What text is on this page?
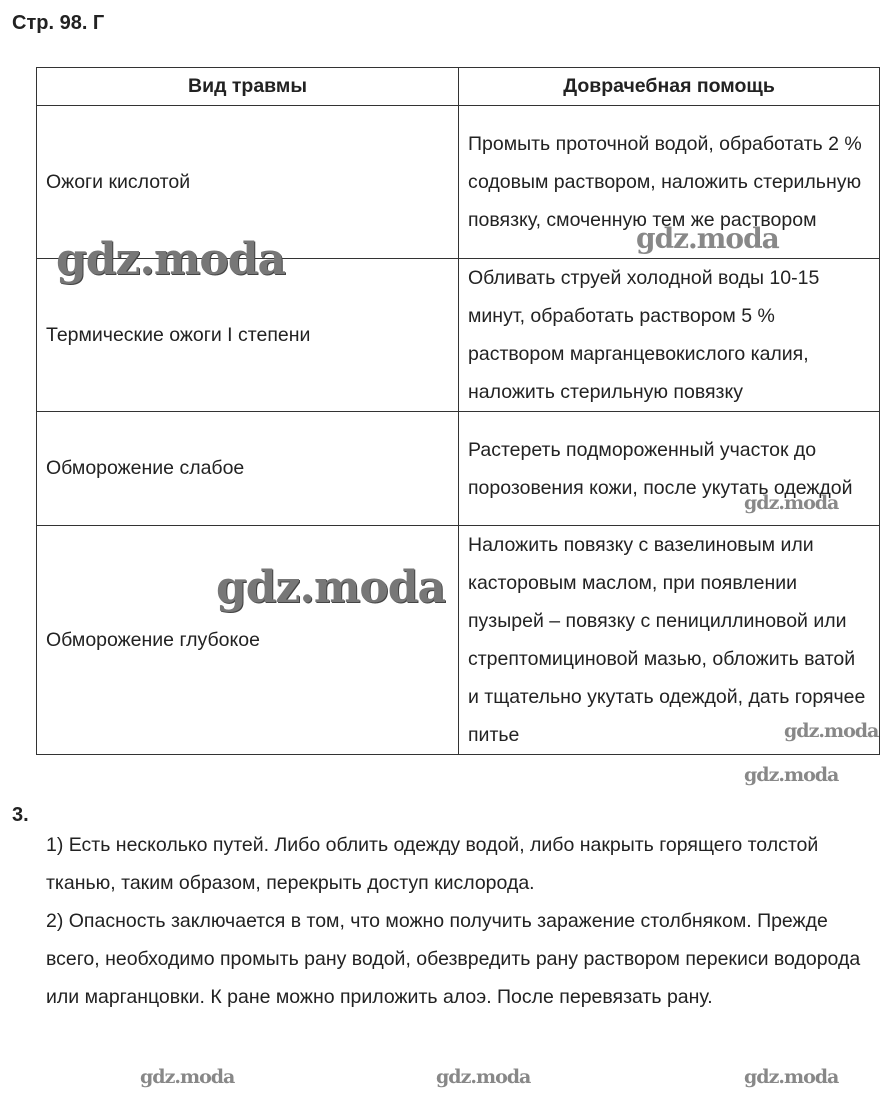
Стр. 98. Г
Вид травмы	Доврачебная помощь
Ожоги кислотой	Промыть проточной водой, обработать 2 % содовым раствором, наложить стерильную повязку, смоченную тем же раствором
Термические ожоги I степени	Обливать струей холодной воды 10-15 минут, обработать раствором 5 % раствором марганцевокислого калия, наложить стерильную повязку
Обморожение слабое	Растереть подмороженный участок до порозовения кожи, после укутать одеждой
Обморожение глубокое	Наложить повязку с вазелиновым или касторовым маслом, при появлении пузырей – повязку с пенициллиновой или стрептомициновой мазью, обложить ватой и тщательно укутать одеждой, дать горячее питье
3.
1) Есть несколько путей. Либо облить одежду водой, либо накрыть горящего толстой тканью, таким образом, перекрыть доступ кислорода.
2) Опасность заключается в том, что можно получить заражение столбняком. Прежде всего, необходимо промыть рану водой, обезвредить рану раствором перекиси водорода или марганцовки. К ране можно приложить алоэ. После перевязать рану.
gdz.moda
gdz.moda
gdz.moda
gdz.moda
gdz.moda
gdz.moda
gdz.moda	gdz.moda	gdz.moda
